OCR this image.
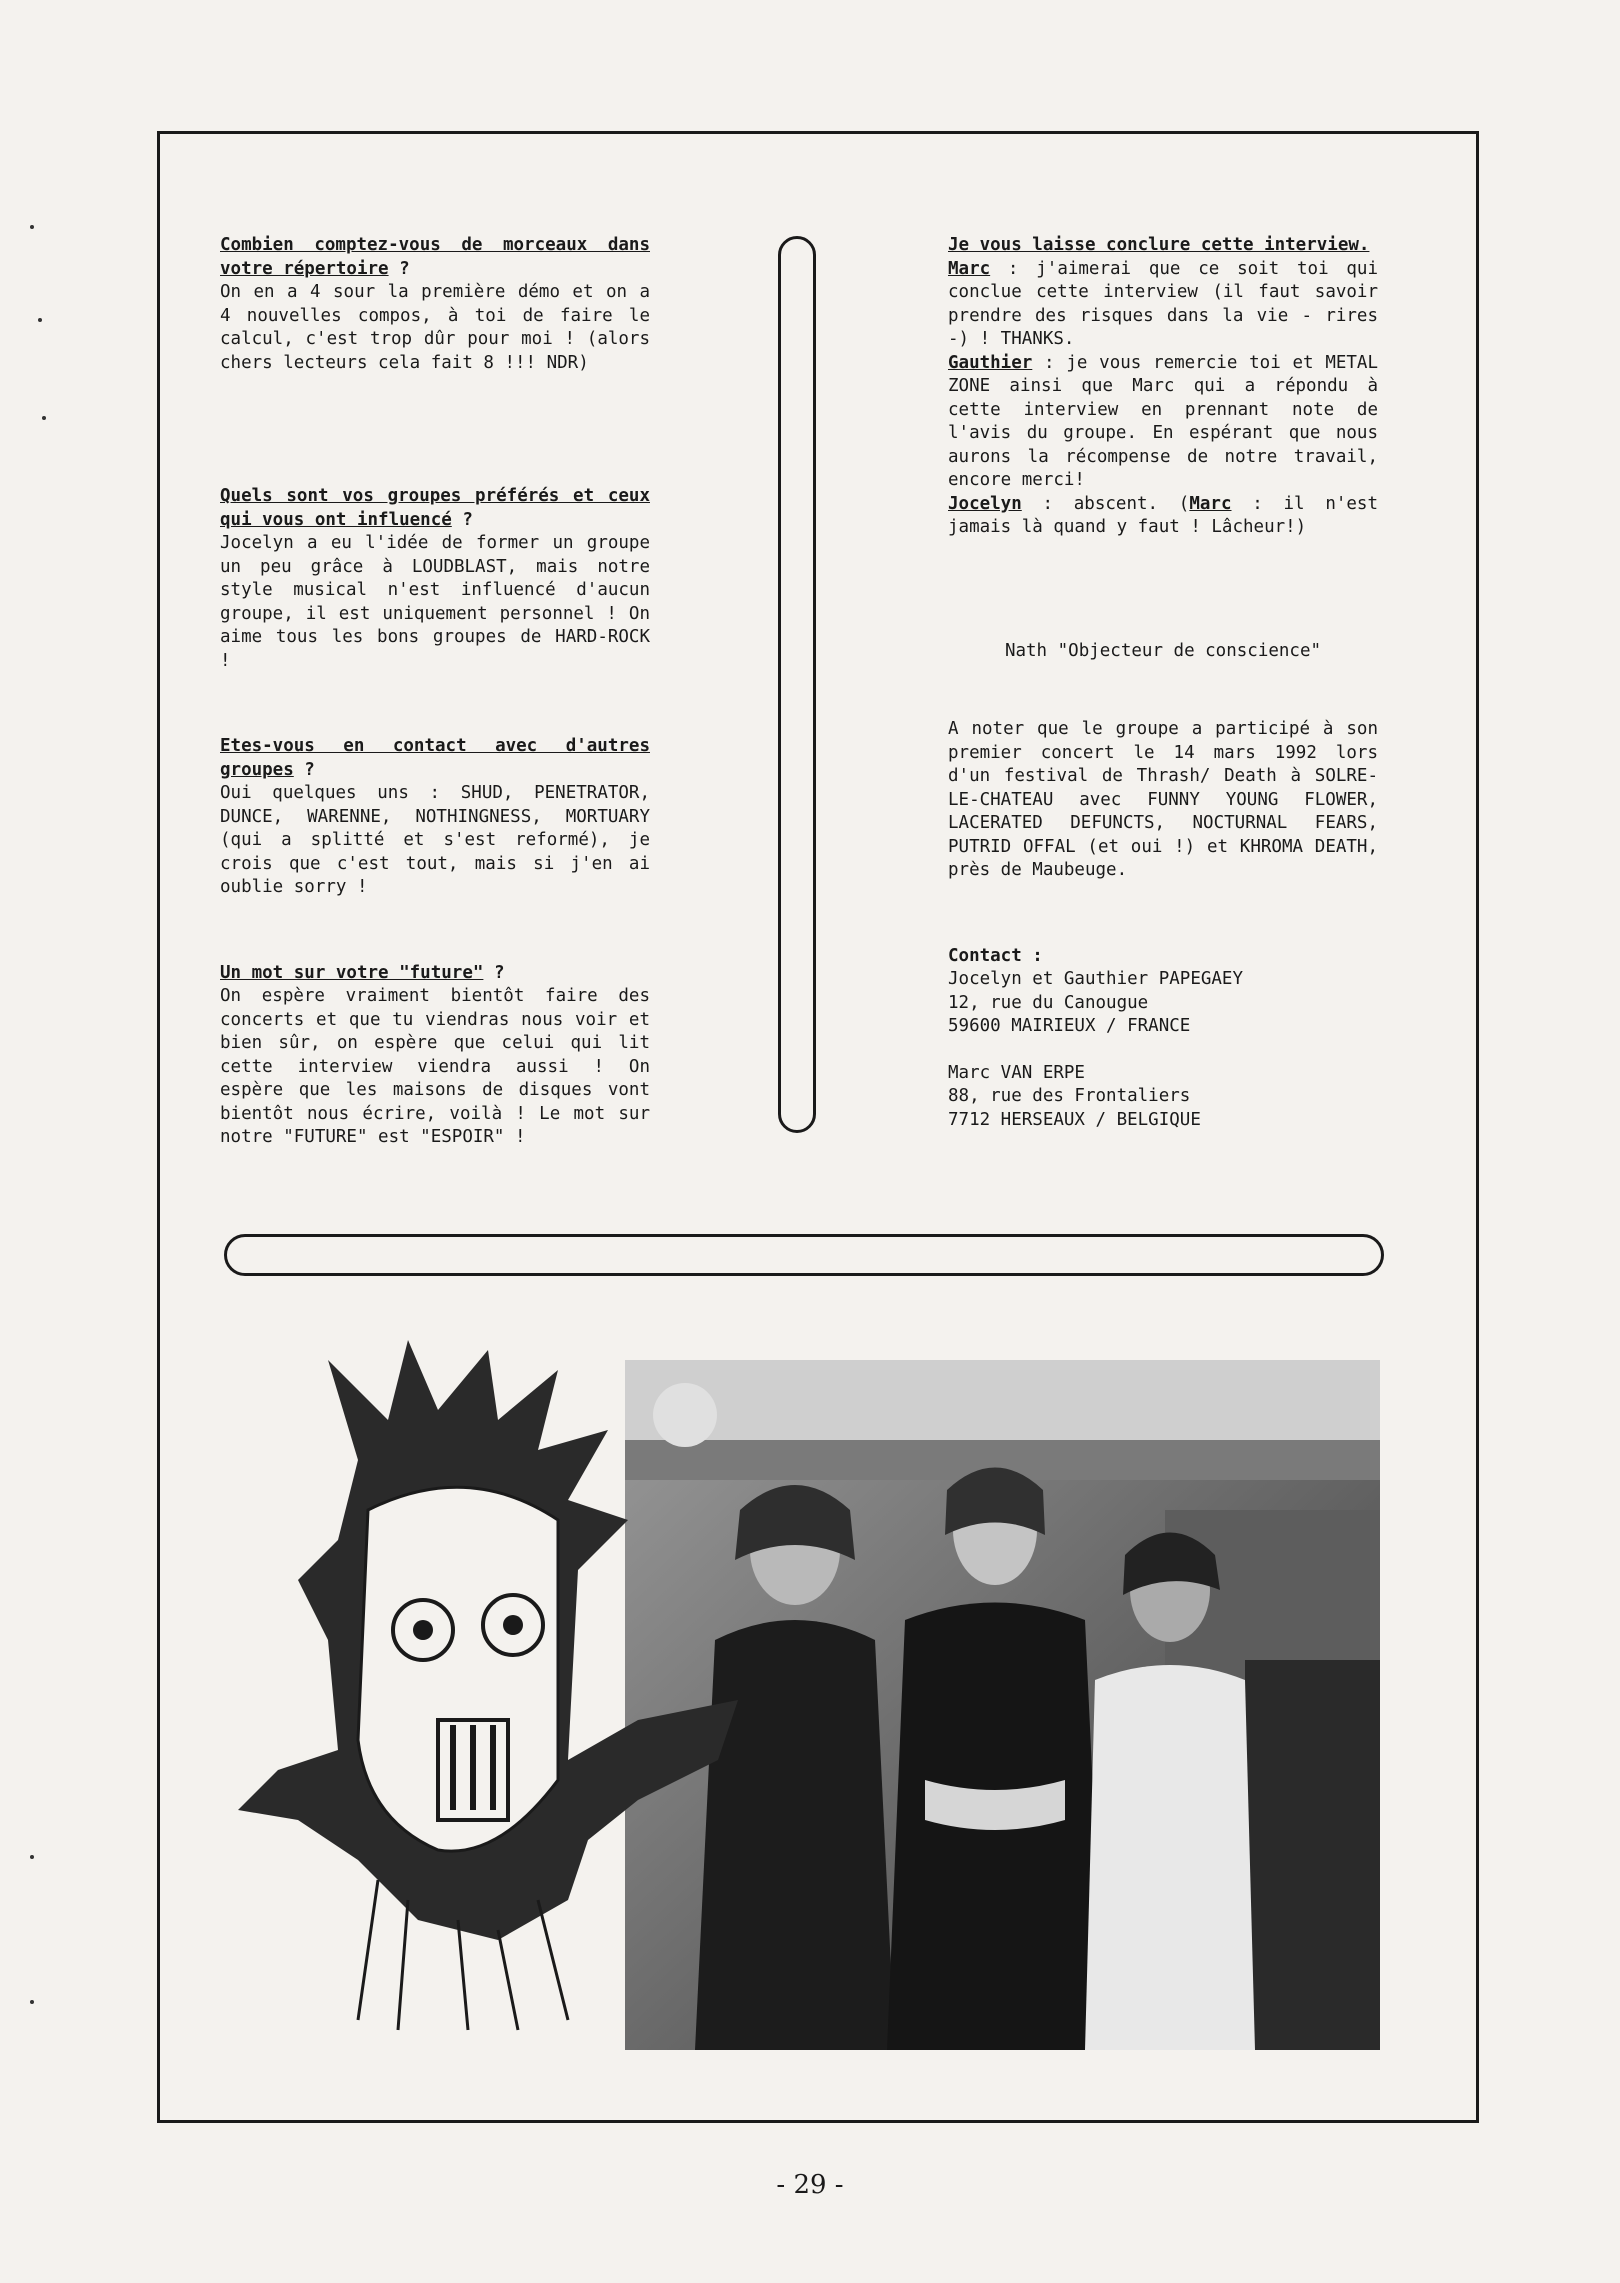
Combien comptez-vous de morceaux dans votre répertoire ?
On en a 4 sour la première démo et on a 4 nouvelles compos, à toi de faire le calcul, c'est trop dûr pour moi ! (alors chers lecteurs cela fait 8 !!! NDR)
Quels sont vos groupes préférés et ceux qui vous ont influencé ?
Jocelyn a eu l'idée de former un groupe un peu grâce à LOUDBLAST, mais notre style musical n'est influencé d'aucun groupe, il est uniquement personnel ! On aime tous les bons groupes de HARD-ROCK !
Etes-vous en contact avec d'autres groupes ?
Oui quelques uns : SHUD, PENETRATOR, DUNCE, WARENNE, NOTHINGNESS, MORTUARY (qui a splitté et s'est reformé), je crois que c'est tout, mais si j'en ai oublie sorry !
Un mot sur votre "future" ?
On espère vraiment bientôt faire des concerts et que tu viendras nous voir et bien sûr, on espère que celui qui lit cette interview viendra aussi ! On espère que les maisons de disques vont bientôt nous écrire, voilà ! Le mot sur notre "FUTURE" est "ESPOIR" !
Je vous laisse conclure cette interview.
Marc : j'aimerai que ce soit toi qui conclue cette interview (il faut savoir prendre des risques dans la vie - rires -) ! THANKS.
Gauthier : je vous remercie toi et METAL ZONE ainsi que Marc qui a répondu à cette interview en prennant note de l'avis du groupe. En espérant que nous aurons la récompense de notre travail, encore merci!
Jocelyn : abscent. (Marc : il n'est jamais là quand y faut ! Lâcheur!)
Nath "Objecteur de conscience"
A noter que le groupe a participé à son premier concert le 14 mars 1992 lors d'un festival de Thrash/ Death à SOLRE-LE-CHATEAU avec FUNNY YOUNG FLOWER, LACERATED DEFUNCTS, NOCTURNAL FEARS, PUTRID OFFAL (et oui !) et KHROMA DEATH, près de Maubeuge.
Contact :
Jocelyn et Gauthier PAPEGAEY
12, rue du Canougue
59600 MAIRIEUX / FRANCE
Marc VAN ERPE
88, rue des Frontaliers
7712 HERSEAUX / BELGIQUE
- 29 -
